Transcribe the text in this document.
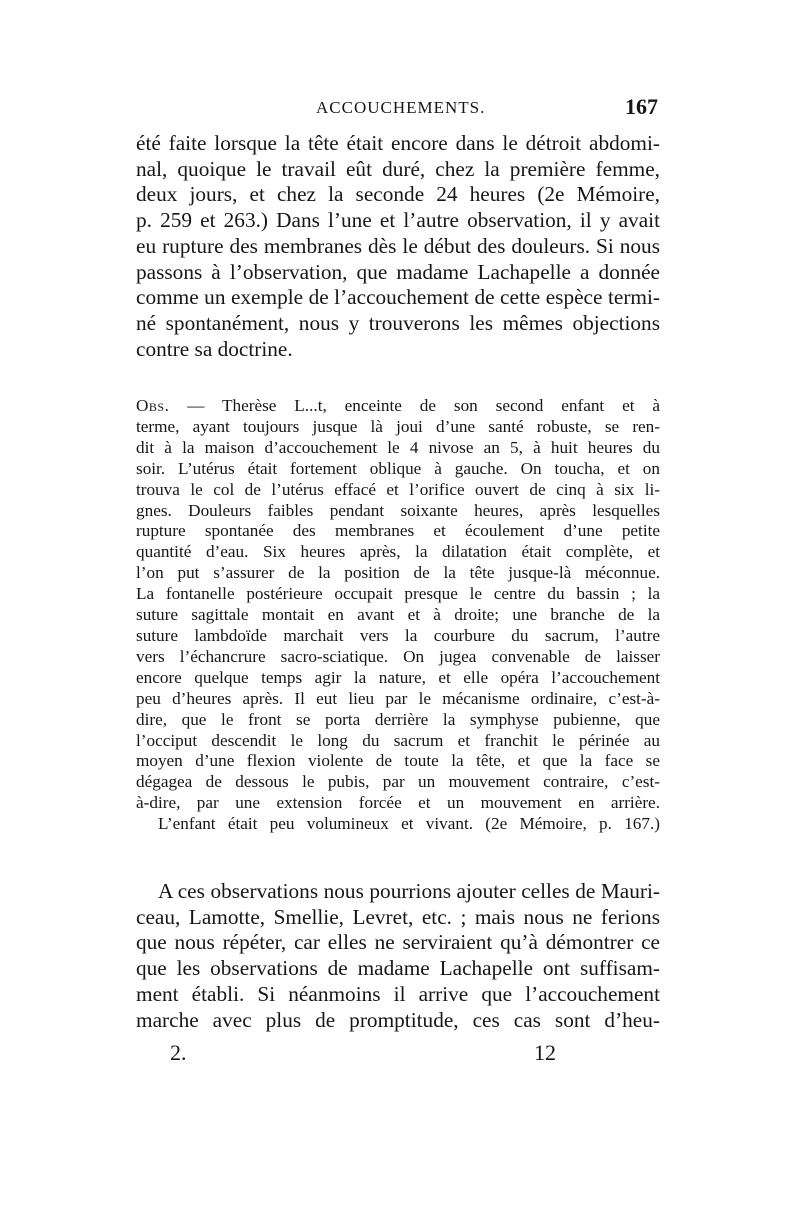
ACCOUCHEMENTS.	167
été faite lorsque la tête était encore dans le détroit abdomi-
nal, quoique le travail eût duré, chez la première femme,
deux jours, et chez la seconde 24 heures (2e Mémoire,
p. 259 et 263.) Dans l’une et l’autre observation, il y avait
eu rupture des membranes dès le début des douleurs. Si nous
passons à l’observation, que madame Lachapelle a donnée
comme un exemple de l’accouchement de cette espèce termi-
né spontanément, nous y trouverons les mêmes objections
contre sa doctrine.
Obs. — Therèse L...t, enceinte de son second enfant et à
terme, ayant toujours jusque là joui d’une santé robuste, se ren-
dit à la maison d’accouchement le 4 nivose an 5, à huit heures du
soir. L’utérus était fortement oblique à gauche. On toucha, et on
trouva le col de l’utérus effacé et l’orifice ouvert de cinq à six li-
gnes. Douleurs faibles pendant soixante heures, après lesquelles
rupture spontanée des membranes et écoulement d’une petite
quantité d’eau. Six heures après, la dilatation était complète, et
l’on put s’assurer de la position de la tête jusque-là méconnue.
La fontanelle postérieure occupait presque le centre du bassin ; la
suture sagittale montait en avant et à droite; une branche de la
suture lambdoïde marchait vers la courbure du sacrum, l’autre
vers l’échancrure sacro-sciatique. On jugea convenable de laisser
encore quelque temps agir la nature, et elle opéra l’accouchement
peu d’heures après. Il eut lieu par le mécanisme ordinaire, c’est-à-
dire, que le front se porta derrière la symphyse pubienne, que
l’occiput descendit le long du sacrum et franchit le périnée au
moyen d’une flexion violente de toute la tête, et que la face se
dégagea de dessous le pubis, par un mouvement contraire, c’est-
à-dire, par une extension forcée et un mouvement en arrière.
L’enfant était peu volumineux et vivant. (2e Mémoire, p. 167.)
A ces observations nous pourrions ajouter celles de Mauri-
ceau, Lamotte, Smellie, Levret, etc. ; mais nous ne ferions
que nous répéter, car elles ne serviraient qu’à démontrer ce
que les observations de madame Lachapelle ont suffisam-
ment établi. Si néanmoins il arrive que l’accouchement
marche avec plus de promptitude, ces cas sont d’heu-
2.	12
